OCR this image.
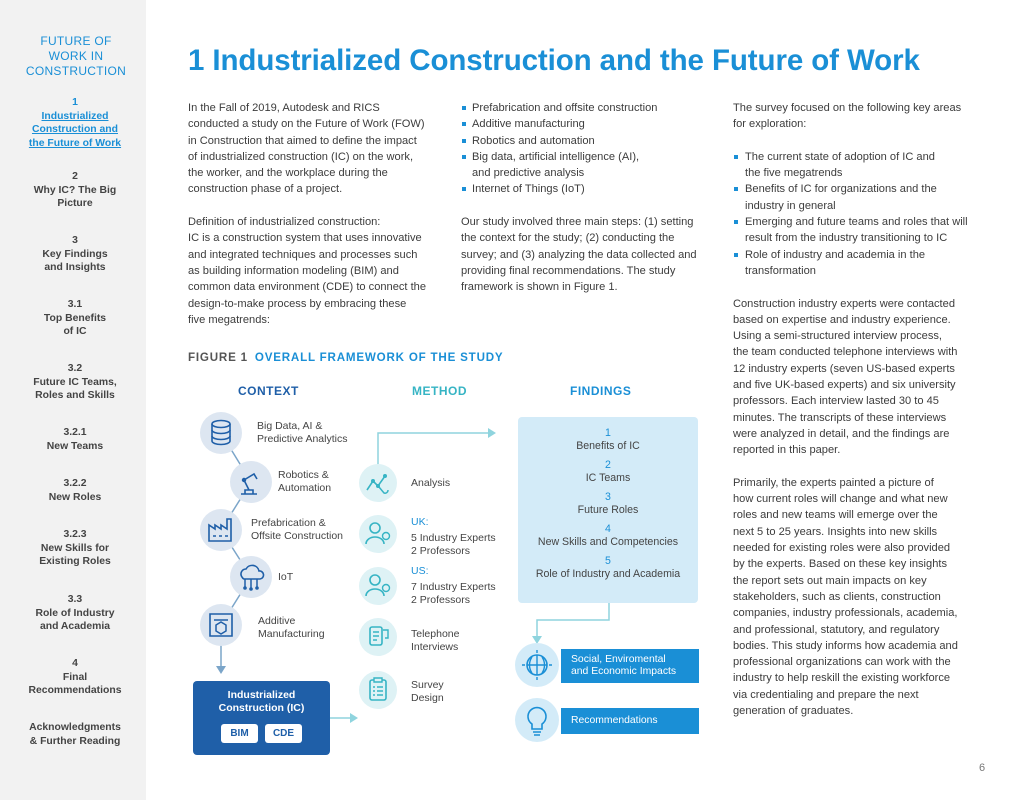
FUTURE OF
WORK IN
CONSTRUCTION
1
Industrialized
Construction and
the Future of Work
2
Why IC? The Big
Picture
3
Key Findings
and Insights
3.1
Top Benefits
of IC
3.2
Future IC Teams,
Roles and Skills
3.2.1
New Teams
3.2.2
New Roles
3.2.3
New Skills for
Existing Roles
3.3
Role of Industry
and Academia
4
Final
Recommendations
Acknowledgments
& Further Reading
1 Industrialized Construction and the Future of Work
In the Fall of 2019, Autodesk and RICS
conducted a study on the Future of Work (FOW)
in Construction that aimed to define the impact
of industrialized construction (IC) on the work,
the worker, and the workplace during the
construction phase of a project.
Definition of industrialized construction:
IC is a construction system that uses innovative
and integrated techniques and processes such
as building information modeling (BIM) and
common data environment (CDE) to connect the
design-to-make process by embracing these
five megatrends:
Prefabrication and offsite construction
Additive manufacturing
Robotics and automation
Big data, artificial intelligence (AI),
and predictive analysis
Internet of Things (IoT)
Our study involved three main steps: (1) setting
the context for the study; (2) conducting the
survey; and (3) analyzing the data collected and
providing final recommendations. The study
framework is shown in Figure 1.
The survey focused on the following key areas
for exploration:
The current state of adoption of IC and
the five megatrends
Benefits of IC for organizations and the
industry in general
Emerging and future teams and roles that will
result from the industry transitioning to IC
Role of industry and academia in the
transformation
Construction industry experts were contacted
based on expertise and industry experience.
Using a semi-structured interview process,
the team conducted telephone interviews with
12 industry experts (seven US-based experts
and five UK-based experts) and six university
professors. Each interview lasted 30 to 45
minutes. The transcripts of these interviews
were analyzed in detail, and the findings are
reported in this paper.
Primarily, the experts painted a picture of
how current roles will change and what new
roles and new teams will emerge over the
next 5 to 25 years. Insights into new skills
needed for existing roles were also provided
by the experts. Based on these key insights
the report sets out main impacts on key
stakeholders, such as clients, construction
companies, industry professionals, academia,
and professional, statutory, and regulatory
bodies. This study informs how academia and
professional organizations can work with the
industry to help reskill the existing workforce
via credentialing and prepare the next
generation of graduates.
FIGURE 1 OVERALL FRAMEWORK OF THE STUDY
CONTEXT	METHOD	FINDINGS
Big Data, AI &
Predictive Analytics
Robotics &
Automation
Prefabrication &
Offsite Construction
IoT
Additive
Manufacturing
Industrialized
Construction (IC)
BIM	CDE
Analysis
UK:
5 Industry Experts
2 Professors
US:
7 Industry Experts
2 Professors
Telephone
Interviews
Survey
Design
1
Benefits of IC
2
IC Teams
3
Future Roles
4
New Skills and Competencies
5
Role of Industry and Academia
Social, Enviromental
and Economic Impacts
Recommendations
6
